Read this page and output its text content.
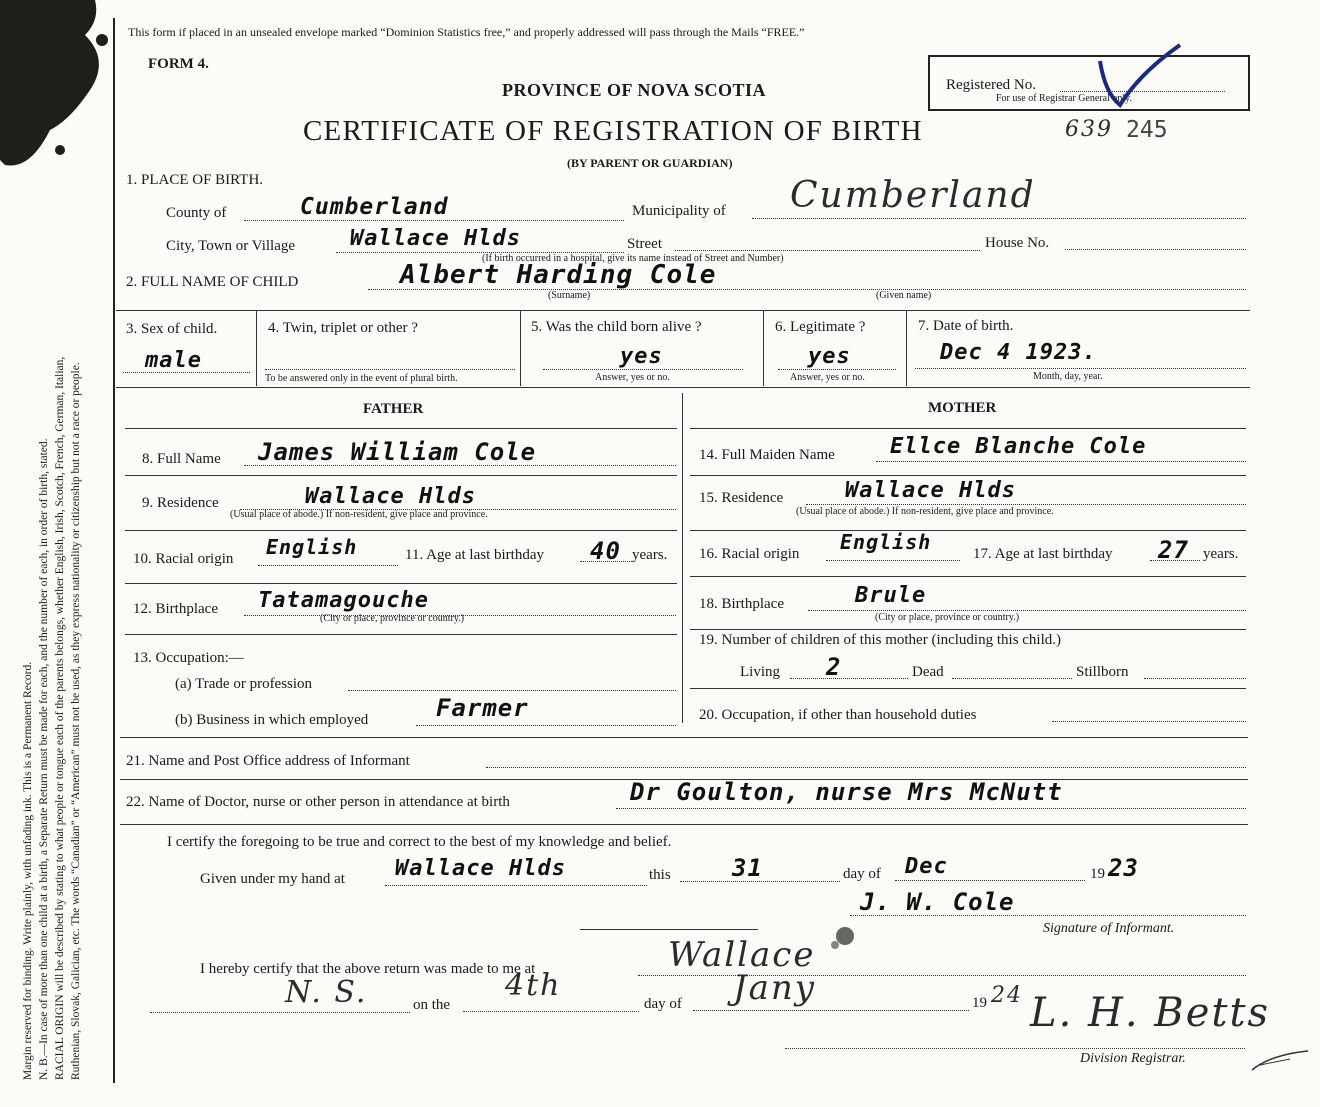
Margin reserved for binding. Write plainly, with unfading ink. This is a Permanent Record. N. B.—In case of more than one child at a birth, a Separate Return must be made for each, and the number of each, in order of birth, stated. RACIAL ORIGIN will be described by stating to what people or tongue each of the parents belongs, whether English, Irish, Scotch, French, German, Italian, Ruthenian, Slovak, Galician, etc. The words “Canadian” or “American” must not be used, as they express nationality or citizenship but not a race or people.
This form if placed in an unsealed envelope marked “Dominion Statistics free,” and properly addressed will pass through the Mails “FREE.”
FORM 4.
PROVINCE OF NOVA SCOTIA
CERTIFICATE OF REGISTRATION OF BIRTH
(BY PARENT OR GUARDIAN)
Registered No.
For use of Registrar General only.
639 245
1. PLACE OF BIRTH.
County of	Cumberland	Municipality of Cumberland
City, Town or Village Wallace Hlds	Street	House No.
(If birth occurred in a hospital, give its name instead of Street and Number)
2. FULL NAME OF CHILD	Albert Harding Cole
(Surname)	(Given name)
3. Sex of child.
male
4. Twin, triplet or other ?
To be answered only in the event of plural birth.
5. Was the child born alive ?
yes
Answer, yes or no.
6. Legitimate ?
yes
Answer, yes or no.
7. Date of birth.
Dec 4 1923.
Month, day, year.
FATHER	MOTHER
8. Full Name James William Cole
9. Residence	Wallace Hlds
(Usual place of abode.) If non-resident, give place and province.
10. Racial origin English	11. Age at last birthday 40 years.
12. Birthplace Tatamagouche
(City or place, province or country.)
13. Occupation:—
(a) Trade or profession
(b) Business in which employed	Farmer
14. Full Maiden Name	Ellce Blanche Cole
15. Residence	Wallace Hlds
(Usual place of abode.) If non-resident, give place and province.
16. Racial origin English	17. Age at last birthday 27 years.
18. Birthplace	Brule
(City or place, province or country.)
19. Number of children of this mother (including this child.)
Living 2	Dead	Stillborn
20. Occupation, if other than household duties
21. Name and Post Office address of Informant
22. Name of Doctor, nurse or other person in attendance at birth	Dr Goulton, nurse Mrs McNutt
I certify the foregoing to be true and correct to the best of my knowledge and belief.
Given under my hand at Wallace Hlds	this	31	day of Dec	19 23
J. W. Cole
Signature of Informant.
I hereby certify that the above return was made to me at	Wallace
N. S.	on the
4th
day of Jany	19 24 L. H. Betts
Division Registrar.
